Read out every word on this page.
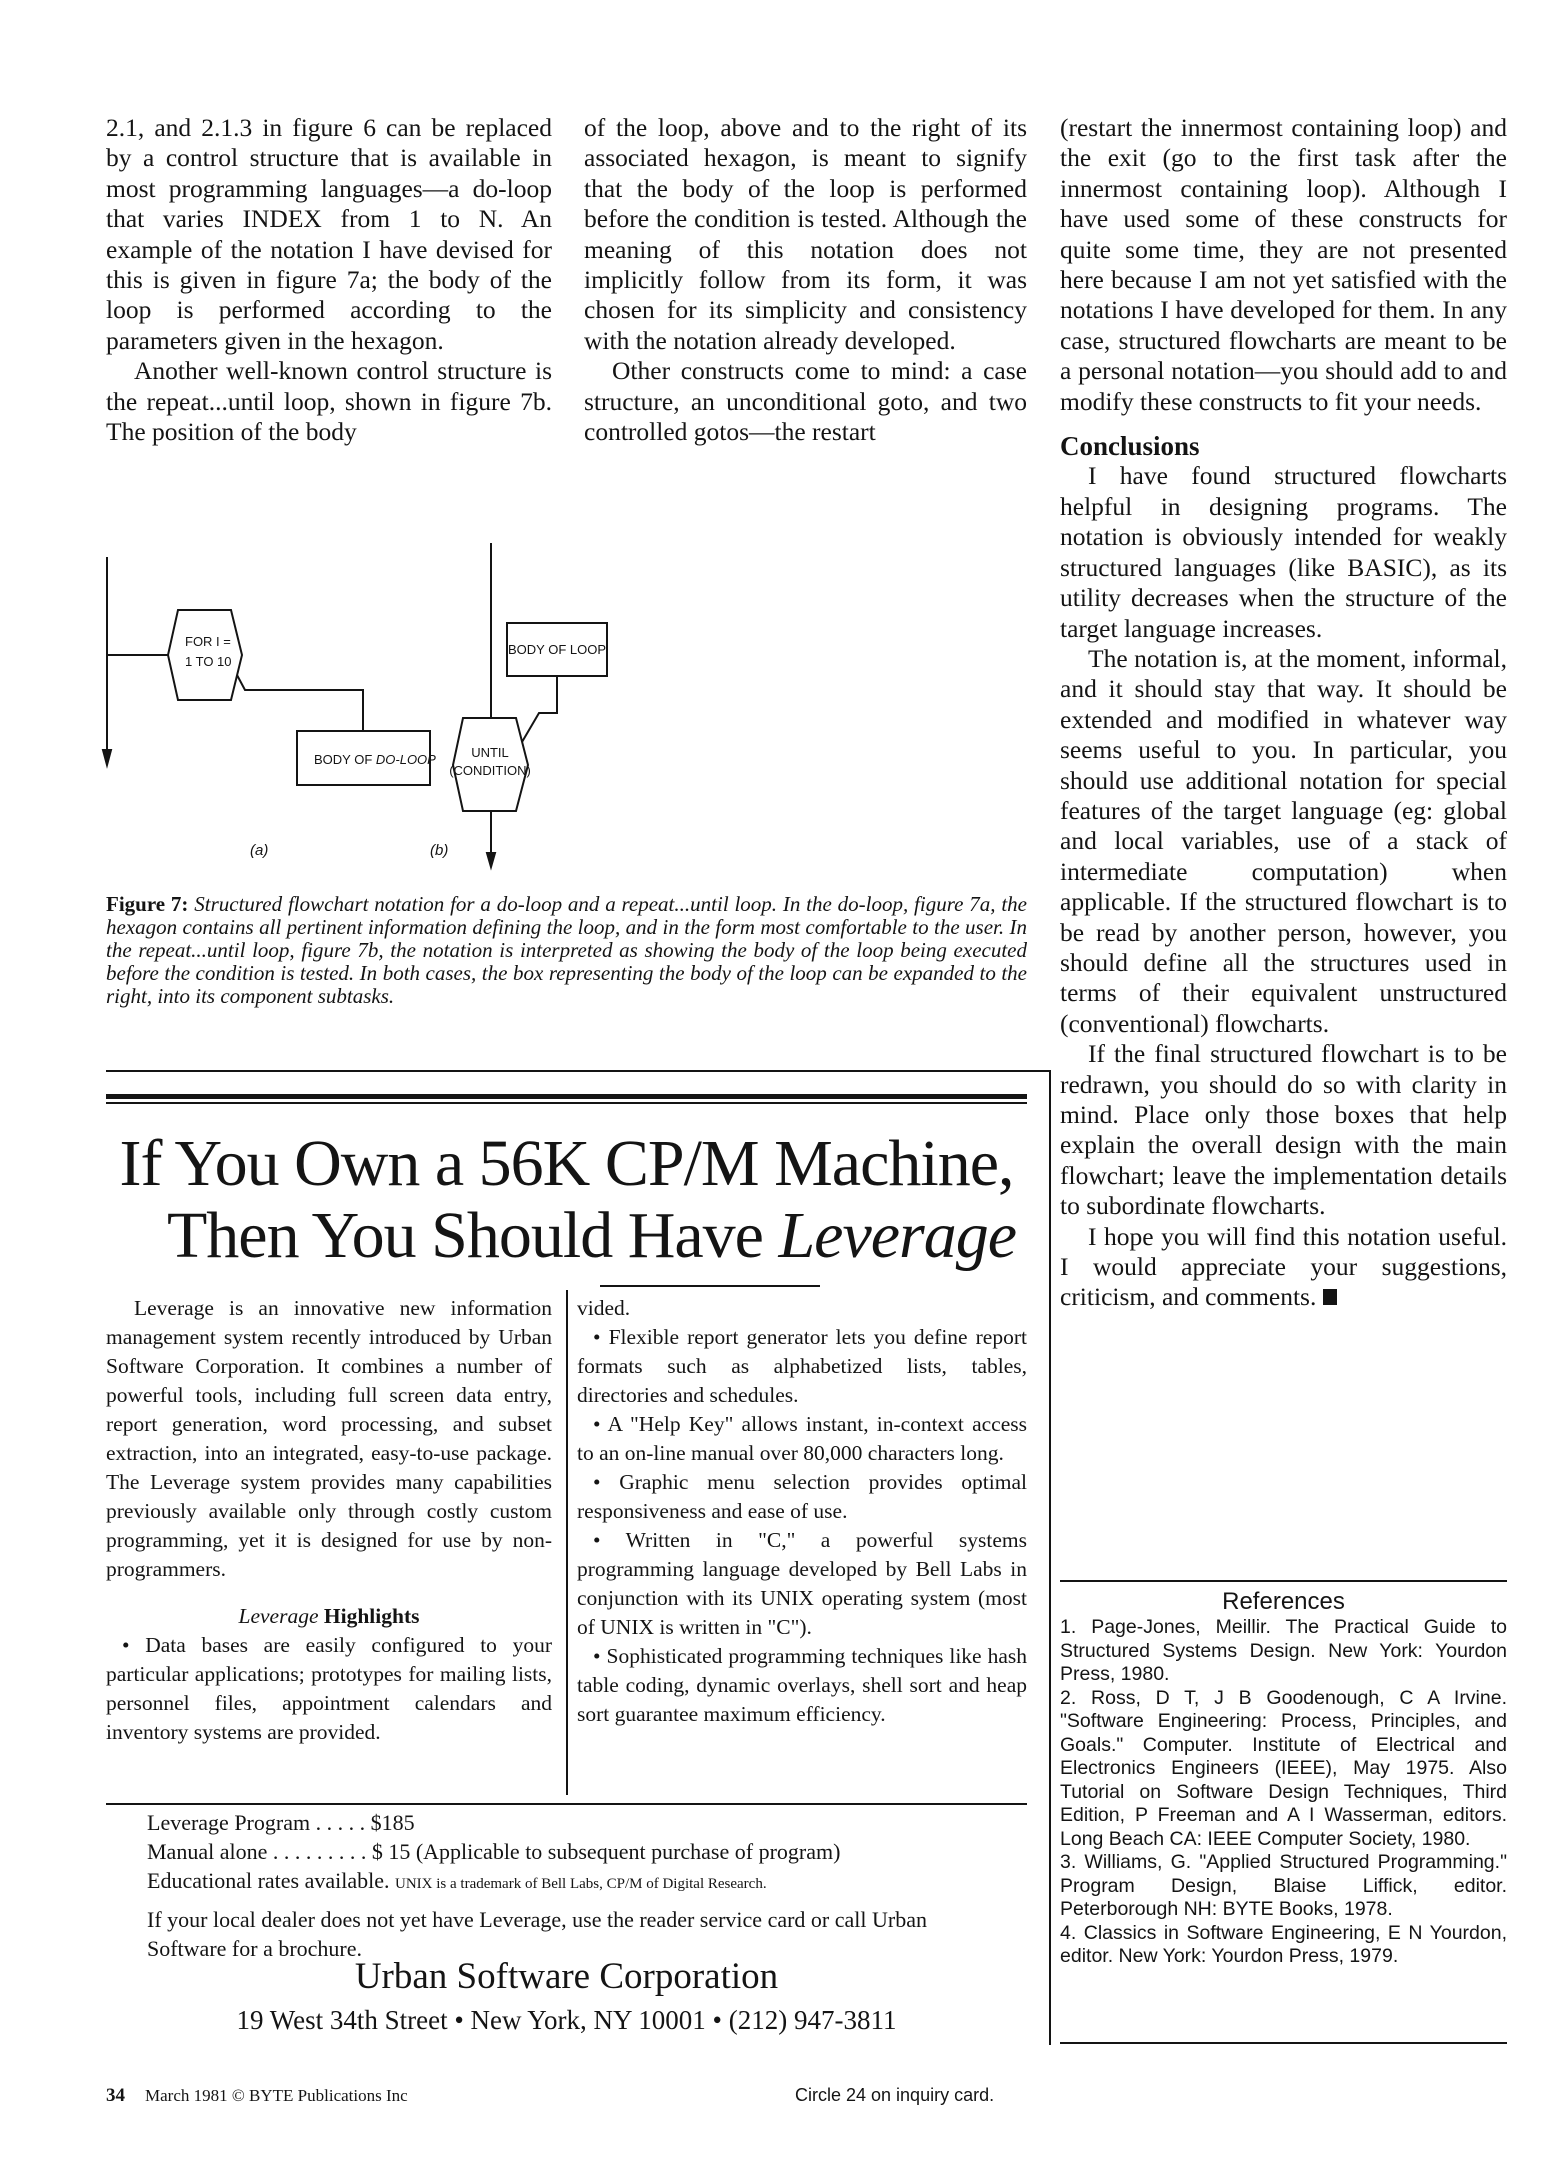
2.1, and 2.1.3 in figure 6 can be replaced by a control structure that is available in most programming languages—a do-loop that varies INDEX from 1 to N. An example of the notation I have devised for this is given in figure 7a; the body of the loop is performed according to the parameters given in the hexagon.

Another well-known control structure is the repeat...until loop, shown in figure 7b. The position of the body

of the loop, above and to the right of its associated hexagon, is meant to signify that the body of the loop is performed before the condition is tested. Although the meaning of this notation does not implicitly follow from its form, it was chosen for its simplicity and consistency with the notation already developed.

Other constructs come to mind: a case structure, an unconditional goto, and two controlled gotos—the restart

(restart the innermost containing loop) and the exit (go to the first task after the innermost containing loop). Although I have used some of these constructs for quite some time, they are not presented here because I am not yet satisfied with the notations I have developed for them. In any case, structured flowcharts are meant to be a personal notation—you should add to and modify these constructs to fit your needs.

Conclusions

I have found structured flowcharts helpful in designing programs. The notation is obviously intended for weakly structured languages (like BASIC), as its utility decreases when the structure of the target language increases.

The notation is, at the moment, informal, and it should stay that way. It should be extended and modified in whatever way seems useful to you. In particular, you should use additional notation for special features of the target language (eg: global and local variables, use of a stack of intermediate computation) when applicable. If the structured flowchart is to be read by another person, however, you should define all the structures used in terms of their equivalent unstructured (conventional) flowcharts.

If the final structured flowchart is to be redrawn, you should do so with clarity in mind. Place only those boxes that help explain the overall design with the main flowchart; leave the implementation details to subordinate flowcharts.

I hope you will find this notation useful. I would appreciate your suggestions, criticism, and comments.

FOR I =
1 TO 10
BODY OF DO-LOOP
BODY OF LOOP
UNTIL
(CONDITION)
(a)	(b)
Figure 7: Structured flowchart notation for a do-loop and a repeat...until loop. In the do-loop, figure 7a, the hexagon contains all pertinent information defining the loop, and in the form most comfortable to the user. In the repeat...until loop, figure 7b, the notation is interpreted as showing the body of the loop being executed before the condition is tested. In both cases, the box representing the body of the loop can be expanded to the right, into its component subtasks.
If You Own a 56K CP/M Machine,
Then You Should Have Leverage

Leverage is an innovative new information management system recently introduced by Urban Software Corporation. It combines a number of powerful tools, including full screen data entry, report generation, word processing, and subset extraction, into an integrated, easy-to-use package. The Leverage system provides many capabilities previously available only through costly custom programming, yet it is designed for use by non-programmers.

Leverage Highlights

• Data bases are easily configured to your particular applications; prototypes for mailing lists, personnel files, appointment calendars and inventory systems are provided.

vided.

• Flexible report generator lets you define report formats such as alphabetized lists, tables, directories and schedules.

• A "Help Key" allows instant, in-context access to an on-line manual over 80,000 characters long.

• Graphic menu selection provides optimal responsiveness and ease of use.

• Written in "C," a powerful systems programming language developed by Bell Labs in conjunction with its UNIX operating system (most of UNIX is written in "C").

• Sophisticated programming techniques like hash table coding, dynamic overlays, shell sort and heap sort guarantee maximum efficiency.

Leverage Program . . . . . $185

Manual alone . . . . . . . . . $ 15 (Applicable to subsequent purchase of program)

Educational rates available. UNIX is a trademark of Bell Labs, CP/M of Digital Research.

If your local dealer does not yet have Leverage, use the reader service card or call Urban Software for a brochure.

Urban Software Corporation
19 West 34th Street • New York, NY 10001 • (212) 947-3811

References

1. Page-Jones, Meillir. The Practical Guide to Structured Systems Design. New York: Yourdon Press, 1980.

2. Ross, D T, J B Goodenough, C A Irvine. "Software Engineering: Process, Principles, and Goals." Computer. Institute of Electrical and Electronics Engineers (IEEE), May 1975. Also Tutorial on Software Design Techniques, Third Edition, P Freeman and A I Wasserman, editors. Long Beach CA: IEEE Computer Society, 1980.

3. Williams, G. "Applied Structured Programming." Program Design, Blaise Liffick, editor. Peterborough NH: BYTE Books, 1978.

4. Classics in Software Engineering, E N Yourdon, editor. New York: Yourdon Press, 1979.

34 March 1981 © BYTE Publications Inc	Circle 24 on inquiry card.
